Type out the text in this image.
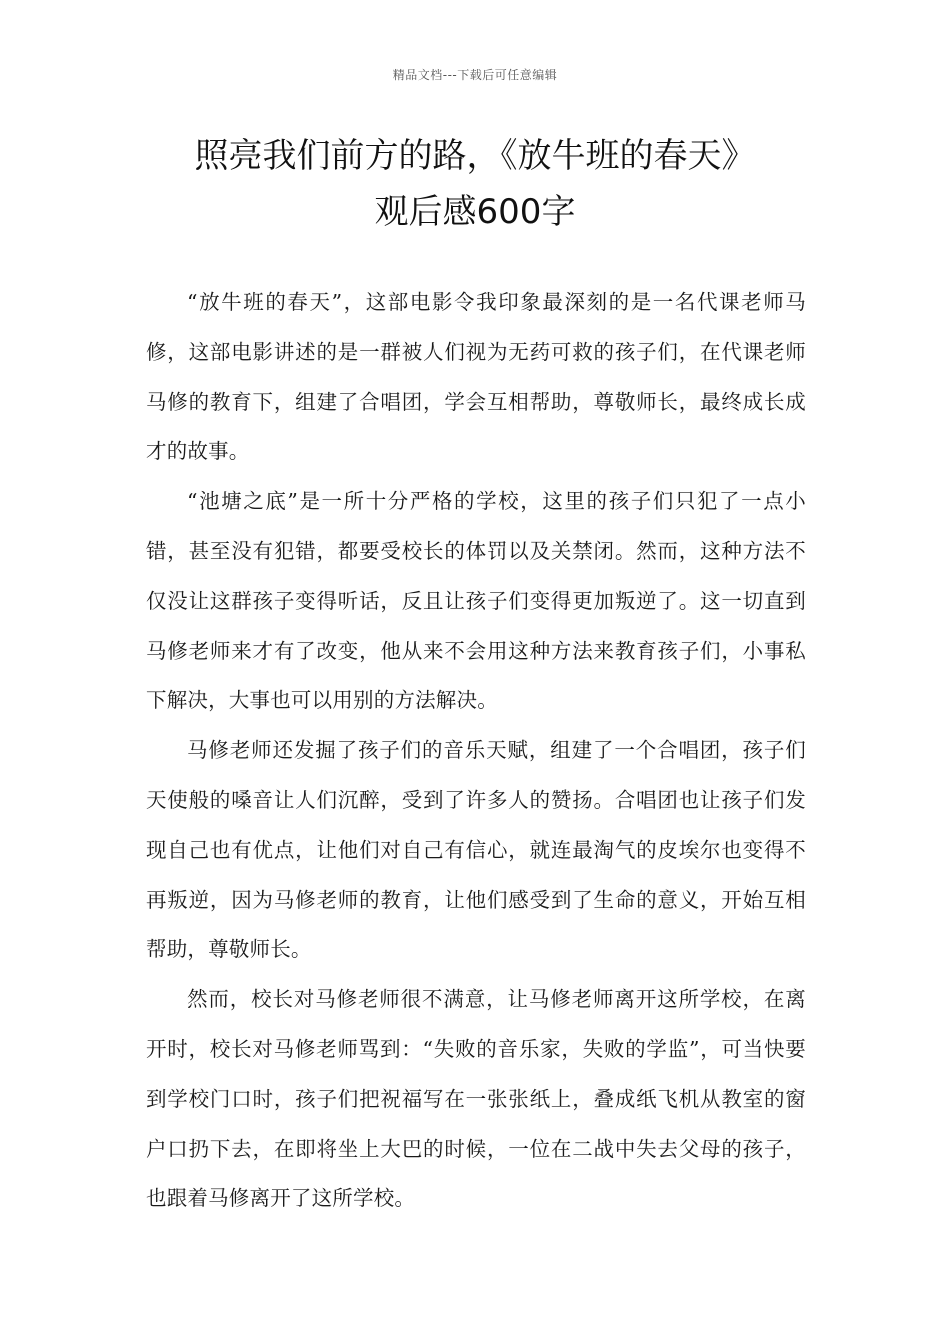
精品文档---下载后可任意编辑
照亮我们前方的路，《放牛班的春天》
观后感600字

“放牛班的春天”，这部电影令我印象最深刻的是一名代课老师马修，这部电影讲述的是一群被人们视为无药可救的孩子们，在代课老师马修的教育下，组建了合唱团，学会互相帮助，尊敬师长，最终成长成才的故事。

“池塘之底”是一所十分严格的学校，这里的孩子们只犯了一点小错，甚至没有犯错，都要受校长的体罚以及关禁闭。然而，这种方法不仅没让这群孩子变得听话，反且让孩子们变得更加叛逆了。这一切直到马修老师来才有了改变，他从来不会用这种方法来教育孩子们，小事私下解决，大事也可以用别的方法解决。

马修老师还发掘了孩子们的音乐天赋，组建了一个合唱团，孩子们天使般的嗓音让人们沉醉，受到了许多人的赞扬。合唱团也让孩子们发现自己也有优点，让他们对自己有信心，就连最淘气的皮埃尔也变得不再叛逆，因为马修老师的教育，让他们感受到了生命的意义，开始互相帮助，尊敬师长。

然而，校长对马修老师很不满意，让马修老师离开这所学校，在离开时，校长对马修老师骂到：“失败的音乐家，失败的学监”，可当快要到学校门口时，孩子们把祝福写在一张张纸上，叠成纸飞机从教室的窗户口扔下去，在即将坐上大巴的时候，一位在二战中失去父母的孩子，也跟着马修离开了这所学校。
